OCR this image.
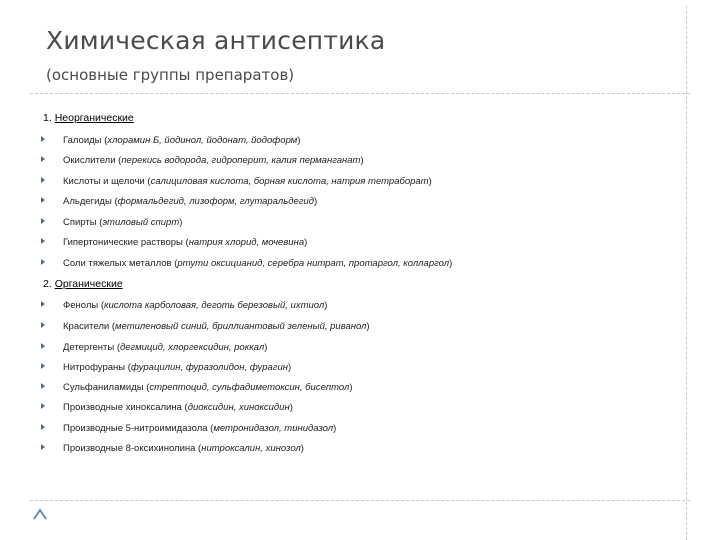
Химическая антисептика
(основные группы препаратов)
1. Неорганические
Галоиды (хлорамин Б, йодинол, йодонат, йодоформ)
Окислители (перекись водорода, гидроперит, калия перманганат)
Кислоты и щелочи (салициловая кислота, борная кислота, натрия тетраборат)
Альдегиды (формальдегид, лизоформ, глутаральдегид)
Спирты (этиловый спирт)
Гипертонические растворы (натрия хлорид, мочевина)
Соли тяжелых металлов (ртути оксицианид, серебра нитрат, протаргол, колларгол)
2. Органические
Фенолы (кислота карболовая, деготь березовый, ихтиол)
Красители (метиленовый синий, бриллиантовый зеленый, риванол)
Детергенты (дегмицид, хлоргексидин, роккал)
Нитрофураны (фурацилин, фуразолидон, фурагин)
Сульфаниламиды (стрептоцид, сульфадиметоксин, бисептол)
Производные хиноксалина (диоксидин, хиноксидин)
Производные 5-нитроимидазола (метронидазол, тинидазол)
Производные 8-оксихинолина (нитроксалин, хинозол)
